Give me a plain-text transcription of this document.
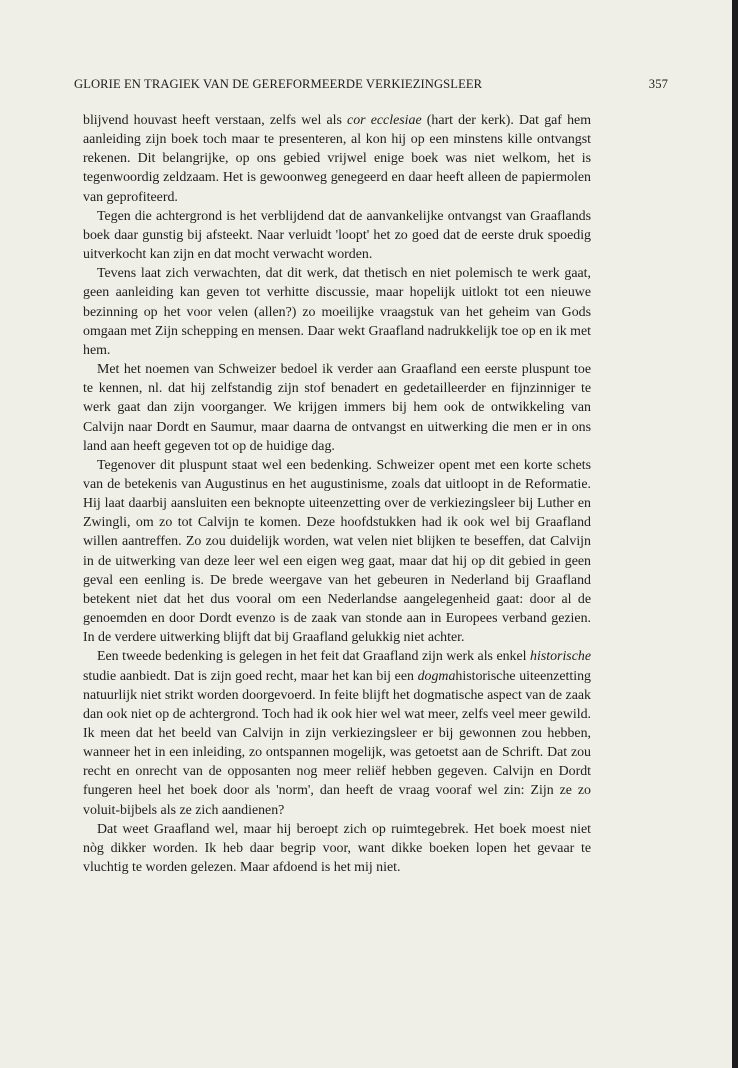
GLORIE EN TRAGIEK VAN DE GEREFORMEERDE VERKIEZINGSLEER	357

blijvend houvast heeft verstaan, zelfs wel als cor ecclesiae (hart der kerk). Dat gaf hem aanleiding zijn boek toch maar te presenteren, al kon hij op een minstens kille ontvangst rekenen. Dit belangrijke, op ons gebied vrijwel enige boek was niet welkom, het is tegenwoordig zeldzaam. Het is gewoonweg genegeerd en daar heeft alleen de papiermolen van geprofiteerd.

Tegen die achtergrond is het verblijdend dat de aanvankelijke ontvangst van Graaflands boek daar gunstig bij afsteekt. Naar verluidt 'loopt' het zo goed dat de eerste druk spoedig uitverkocht kan zijn en dat mocht verwacht worden.

Tevens laat zich verwachten, dat dit werk, dat thetisch en niet polemisch te werk gaat, geen aanleiding kan geven tot verhitte discussie, maar hopelijk uitlokt tot een nieuwe bezinning op het voor velen (allen?) zo moeilijke vraagstuk van het geheim van Gods omgaan met Zijn schepping en mensen. Daar wekt Graafland nadrukkelijk toe op en ik met hem.

Met het noemen van Schweizer bedoel ik verder aan Graafland een eerste pluspunt toe te kennen, nl. dat hij zelfstandig zijn stof benadert en gedetailleerder en fijnzinniger te werk gaat dan zijn voorganger. We krijgen immers bij hem ook de ontwikkeling van Calvijn naar Dordt en Saumur, maar daarna de ontvangst en uitwerking die men er in ons land aan heeft gegeven tot op de huidige dag.

Tegenover dit pluspunt staat wel een bedenking. Schweizer opent met een korte schets van de betekenis van Augustinus en het augustinisme, zoals dat uitloopt in de Reformatie. Hij laat daarbij aansluiten een beknopte uiteenzetting over de verkiezingsleer bij Luther en Zwingli, om zo tot Calvijn te komen. Deze hoofdstukken had ik ook wel bij Graafland willen aantreffen. Zo zou duidelijk worden, wat velen niet blijken te beseffen, dat Calvijn in de uitwerking van deze leer wel een eigen weg gaat, maar dat hij op dit gebied in geen geval een eenling is. De brede weergave van het gebeuren in Nederland bij Graafland betekent niet dat het dus vooral om een Nederlandse aangelegenheid gaat: door al de genoemden en door Dordt evenzo is de zaak van stonde aan in Europees verband gezien. In de verdere uitwerking blijft dat bij Graafland gelukkig niet achter.

Een tweede bedenking is gelegen in het feit dat Graafland zijn werk als enkel historische studie aanbiedt. Dat is zijn goed recht, maar het kan bij een dogmahistorische uiteenzetting natuurlijk niet strikt worden doorgevoerd. In feite blijft het dogmatische aspect van de zaak dan ook niet op de achtergrond. Toch had ik ook hier wel wat meer, zelfs veel meer gewild. Ik meen dat het beeld van Calvijn in zijn verkiezingsleer er bij gewonnen zou hebben, wanneer het in een inleiding, zo ontspannen mogelijk, was getoetst aan de Schrift. Dat zou recht en onrecht van de opposanten nog meer reliëf hebben gegeven. Calvijn en Dordt fungeren heel het boek door als 'norm', dan heeft de vraag vooraf wel zin: Zijn ze zo voluit-bijbels als ze zich aandienen?

Dat weet Graafland wel, maar hij beroept zich op ruimtegebrek. Het boek moest niet nòg dikker worden. Ik heb daar begrip voor, want dikke boeken lopen het gevaar te vluchtig te worden gelezen. Maar afdoend is het mij niet.
